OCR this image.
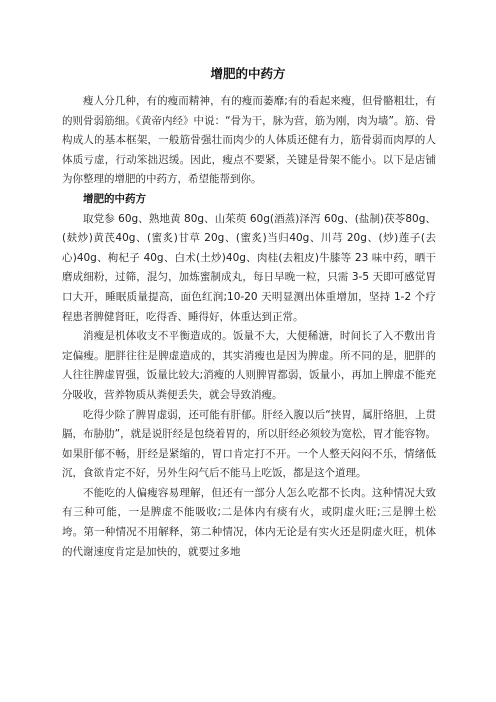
增肥的中药方

瘦人分几种，有的瘦而精神，有的瘦而萎靡;有的看起来瘦，但骨骼粗壮，有的则骨弱筋细。《黄帝内经》中说：“骨为干，脉为营，筋为刚，肉为墙”。筋、骨构成人的基本框架，一般筋骨强壮而肉少的人体质还健有力，筋骨弱而肉厚的人体质亏虚，行动笨拙迟缓。因此，瘦点不要紧，关键是骨架不能小。以下是店铺为你整理的增肥的中药方，希望能帮到你。

增肥的中药方

取党参 60g、熟地黄 80g、山茱萸 60g(酒蒸)泽泻 60g、(盐制)茯苓80g、(麸炒)黄芪40g、(蜜炙)甘草 20g、(蜜炙)当归40g、川芎 20g、(炒)莲子(去心)40g、枸杞子 40g、白术(土炒)40g、肉桂(去粗皮)牛膝等 23 味中药，晒干磨成细粉，过筛，混匀，加炼蜜制成丸，每日早晚一粒，只需 3-5 天即可感觉胃口大开，睡眠质量提高，面色红润;10-20 天明显测出体重增加，坚持 1-2 个疗程患者脾健肾旺，吃得香、睡得好，体重达到正常。

消瘦是机体收支不平衡造成的。饭量不大，大便稀溏，时间长了入不敷出肯定偏瘦。肥胖往往是脾虚造成的，其实消瘦也是因为脾虚。所不同的是，肥胖的人往往脾虚胃强，饭量比较大;消瘦的人则脾胃都弱，饭量小，再加上脾虚不能充分吸收，营养物质从粪便丢失，就会导致消瘦。

吃得少除了脾胃虚弱，还可能有肝郁。肝经入腹以后“挟胃，属肝络胆，上贯膈，布胁肋”，就是说肝经是包绕着胃的，所以肝经必须较为宽松，胃才能容物。如果肝郁不畅，肝经是紧缩的，胃口肯定打不开。一个人整天闷闷不乐，情绪低沉，食欲肯定不好，另外生闷气后不能马上吃饭，都是这个道理。

不能吃的人偏瘦容易理解，但还有一部分人怎么吃都不长肉。这种情况大致有三种可能，一是脾虚不能吸收;二是体内有痰有火，或阴虚火旺;三是脾土松垮。第一种情况不用解释，第二种情况，体内无论是有实火还是阴虚火旺，机体的代谢速度肯定是加快的，就要过多地
